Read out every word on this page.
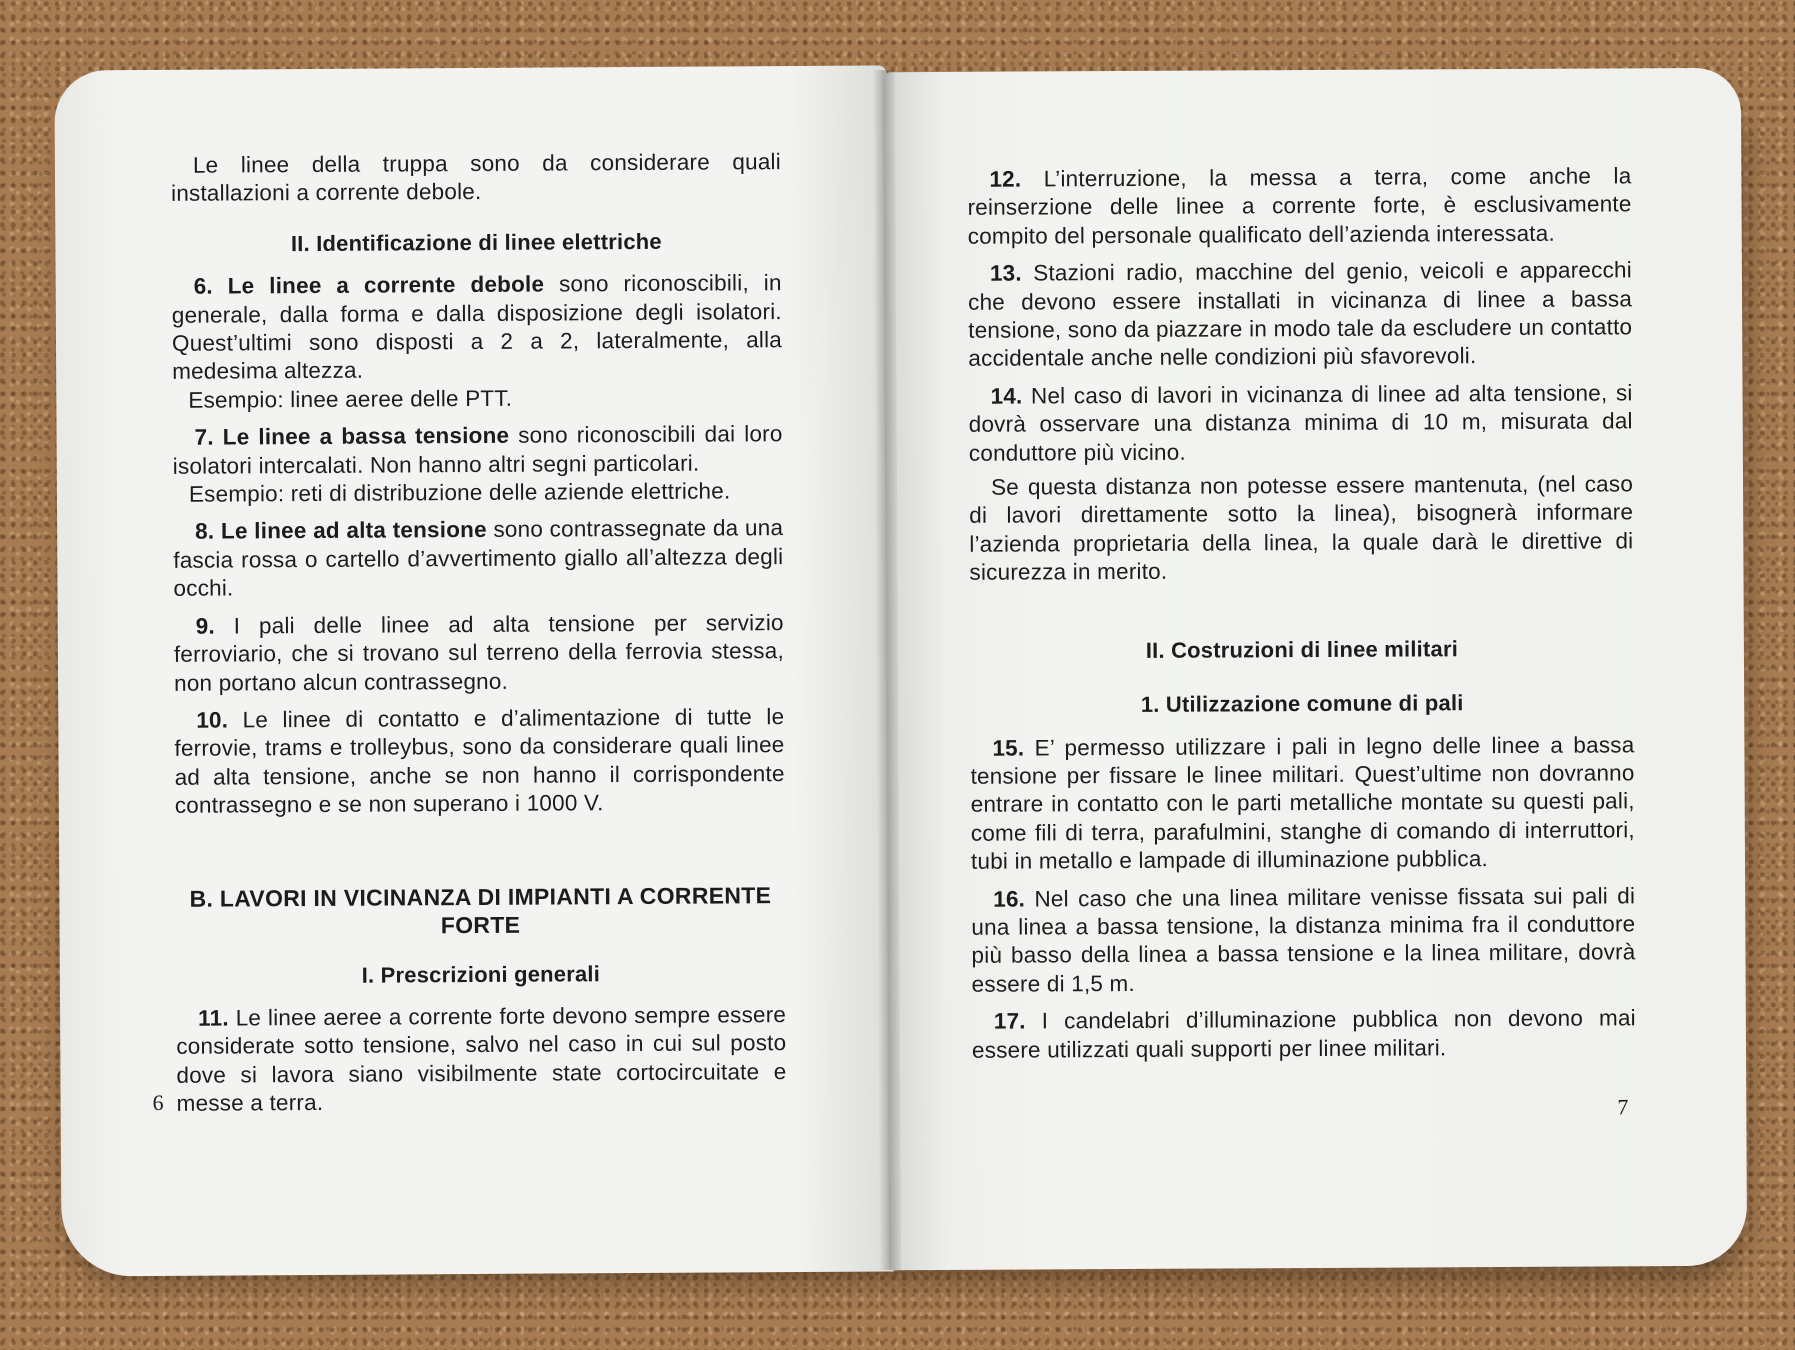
Le linee della truppa sono da considerare quali installazioni a corrente debole.

II. Identificazione di linee elettriche

6. Le linee a corrente debole sono riconoscibili, in generale, dalla forma e dalla disposizione degli isolatori. Quest’ultimi sono disposti a 2 a 2, lateralmente, alla medesima altezza.

Esempio: linee aeree delle PTT.

7. Le linee a bassa tensione sono riconoscibili dai loro isolatori intercalati. Non hanno altri segni particolari.

Esempio: reti di distribuzione delle aziende elettriche.

8. Le linee ad alta tensione sono contrassegnate da una fascia rossa o cartello d’avvertimento giallo all’altezza degli occhi.

9. I pali delle linee ad alta tensione per servizio ferroviario, che si trovano sul terreno della ferrovia stessa, non portano alcun contrassegno.

10. Le linee di contatto e d’alimentazione di tutte le ferrovie, trams e trolleybus, sono da considerare quali linee ad alta tensione, anche se non hanno il corrispondente contrassegno e se non superano i 1000 V.

B. LAVORI IN VICINANZA DI IMPIANTI A CORRENTE
FORTE
I. Prescrizioni generali

11. Le linee aeree a corrente forte devono sempre essere considerate sotto tensione, salvo nel caso in cui sul posto dove si lavora siano visibilmente state cortocircuitate e messe a terra.

6

12. L’interruzione, la messa a terra, come anche la reinserzione delle linee a corrente forte, è esclusivamente compito del personale qualificato dell’azienda interessata.

13. Stazioni radio, macchine del genio, veicoli e apparecchi che devono essere installati in vicinanza di linee a bassa tensione, sono da piazzare in modo tale da escludere un contatto accidentale anche nelle condizioni più sfavorevoli.

14. Nel caso di lavori in vicinanza di linee ad alta tensione, si dovrà osservare una distanza minima di 10 m, misurata dal conduttore più vicino.

Se questa distanza non potesse essere mantenuta, (nel caso di lavori direttamente sotto la linea), bisognerà informare l’azienda proprietaria della linea, la quale darà le direttive di sicurezza in merito.

II. Costruzioni di linee militari
1. Utilizzazione comune di pali

15. E’ permesso utilizzare i pali in legno delle linee a bassa tensione per fissare le linee militari. Quest’ultime non dovranno entrare in contatto con le parti metalliche montate su questi pali, come fili di terra, parafulmini, stanghe di comando di interruttori, tubi in metallo e lampade di illuminazione pubblica.

16. Nel caso che una linea militare venisse fissata sui pali di una linea a bassa tensione, la distanza minima fra il conduttore più basso della linea a bassa tensione e la linea militare, dovrà essere di 1,5 m.

17. I candelabri d’illuminazione pubblica non devono mai essere utilizzati quali supporti per linee militari.

7
